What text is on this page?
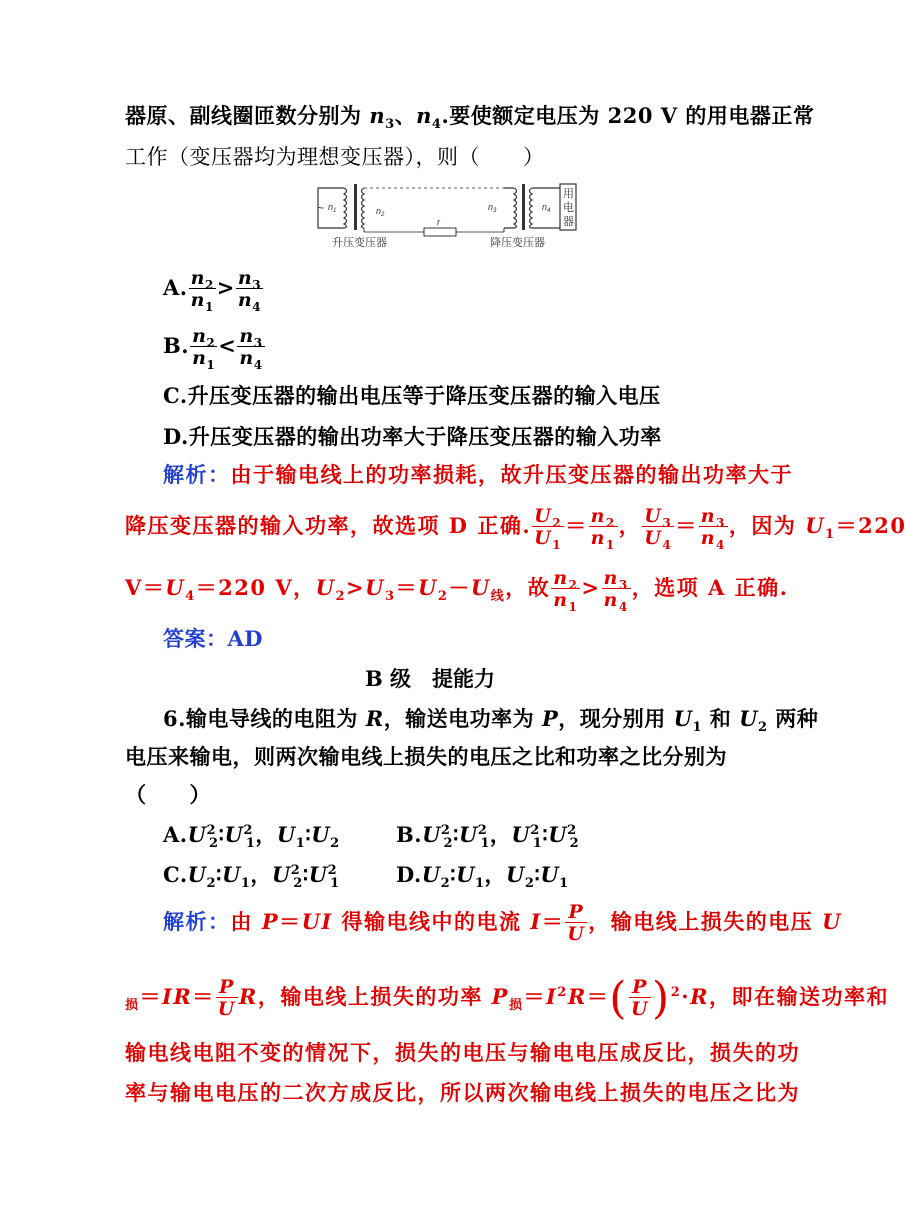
器原、副线圈匝数分别为 $n_3$、$n_4$.要使额定电压为 220 V 的用电器正常
工作（变压器均为理想变压器），则（　　）
~ $n_1$	$n_2$
r
$n_3$	$n_4$
用
电
器
升压变压器	降压变压器
A. $\frac{n_2}{n_1} > \frac{n_3}{n_4}$
B. $\frac{n_2}{n_1} < \frac{n_3}{n_4}$
C.升压变压器的输出电压等于降压变压器的输入电压
D.升压变压器的输出功率大于降压变压器的输入功率
解析：由于输电线上的功率损耗，故升压变压器的输出功率大于
降压变压器的输入功率，故选项 D 正确. $\frac{U_2}{U_1} = \frac{n_2}{n_1}$ ， $\frac{U_3}{U_4} = \frac{n_3}{n_4}$ ，因为 $U_1=220$
$V=U_4=220$ V，$U_2>U_3=U_2-U_线$，故 $\frac{n_2}{n_1} > \frac{n_3}{n_4}$ ，选项 A 正确.
答案：AD
B 级　提能力
6.输电导线的电阻为 R，输送电功率为 P，现分别用 $U_1$ 和 $U_2$ 两种
电压来输电，则两次输电线上损失的电压之比和功率之比分别为
（　　）
$A.U^2_2∶U^2_1$，$U_1∶U_2$	$B.U^2_2∶U^2_1$，$U^2_1∶U^2_2$
$C.U_2∶U_1$，$U^2_2∶U^2_1$	$D.U_2∶U_1$，$U_2∶U_1$
解析：由 P＝UI 得输电线中的电流 $I= \frac{P}{U}$ ，输电线上损失的电压 U
$_损=IR= \frac{P}{U}$ R，输电线上损失的功率 $P_损=I^2R=( \frac{P}{U} )^2\cdot R$，即在输送功率和
输电线电阻不变的情况下，损失的电压与输电电压成反比，损失的功
率与输电电压的二次方成反比，所以两次输电线上损失的电压之比为
